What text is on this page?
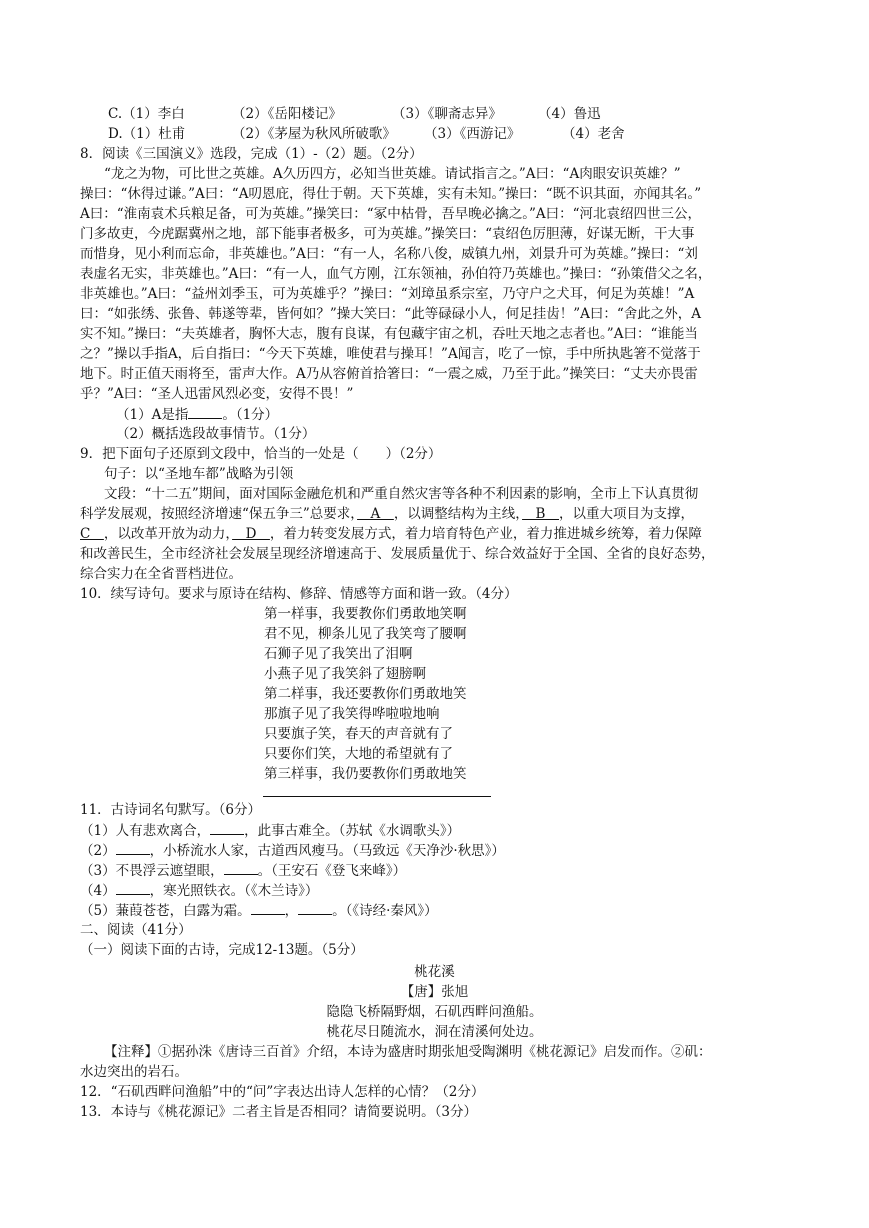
C.（1）李白	（2）《岳阳楼记》	（3）《聊斋志异》	（4）鲁迅
D.（1）杜甫	（2）《茅屋为秋风所破歌》 （3）《西游记》	（4）老舍
8．阅读《三国演义》选段，完成（1）-（2）题。（2分）
“龙之为物，可比世之英雄。A久历四方，必知当世英雄。请试指言之。”A曰：“A肉眼安识英雄？”
操曰：“休得过谦。”A曰：“A叨恩庇，得仕于朝。天下英雄，实有未知。”操曰：“既不识其面，亦闻其名。”
A曰：“淮南袁术兵粮足备，可为英雄。”操笑曰：“冢中枯骨，吾早晚必擒之。”A曰：“河北袁绍四世三公，
门多故吏，今虎踞冀州之地，部下能事者极多，可为英雄。”操笑曰：“袁绍色厉胆薄，好谋无断，干大事
而惜身，见小利而忘命，非英雄也。”A曰：“有一人，名称八俊，威镇九州，刘景升可为英雄。”操曰：“刘
表虚名无实，非英雄也。”A曰：“有一人，血气方刚，江东领袖，孙伯符乃英雄也。”操曰：“孙策借父之名，
非英雄也。”A曰：“益州刘季玉，可为英雄乎？”操曰：“刘璋虽系宗室，乃守户之犬耳，何足为英雄！”A
曰：“如张绣、张鲁、韩遂等辈，皆何如？”操大笑曰：“此等碌碌小人，何足挂齿！”A曰：“舍此之外，A
实不知。”操曰：“夫英雄者，胸怀大志，腹有良谋，有包藏宇宙之机，吞吐天地之志者也。”A曰：“谁能当
之？”操以手指A，后自指曰：“今天下英雄，唯使君与操耳！”A闻言，吃了一惊，手中所执匙箸不觉落于
地下。时正值天雨将至，雷声大作。A乃从容俯首拾箸曰：“一震之威，乃至于此。”操笑曰：“丈夫亦畏雷
乎？”A曰：“圣人迅雷风烈必变，安得不畏！”
（1）A是指	。（1分）
（2）概括选段故事情节。（1分）
9．把下面句子还原到文段中，恰当的一处是（　　）（2分）
句子：以“圣地车都”战略为引领
文段：“十二五”期间，面对国际金融危机和严重自然灾害等各种不利因素的影响，全市上下认真贯彻
科学发展观，按照经济增速“保五争三”总要求，　A　，以调整结构为主线，　B　，以重大项目为支撑，
C　，以改革开放为动力，　D　，着力转变发展方式，着力培育特色产业，着力推进城乡统筹，着力保障
和改善民生，全市经济社会发展呈现经济增速高于、发展质量优于、综合效益好于全国、全省的良好态势，
综合实力在全省晋档进位。
10．续写诗句。要求与原诗在结构、修辞、情感等方面和谐一致。（4分）
第一样事，我要教你们勇敢地笑啊
君不见，柳条儿见了我笑弯了腰啊
石狮子见了我笑出了泪啊
小燕子见了我笑斜了翅膀啊
第二样事，我还要教你们勇敢地笑
那旗子见了我笑得哗啦啦地响
只要旗子笑，春天的声音就有了
只要你们笑，大地的希望就有了
第三样事，我仍要教你们勇敢地笑
11．古诗词名句默写。（6分）
（1）人有悲欢离合，	，此事古难全。（苏轼《水调歌头》）
（2）	，小桥流水人家，古道西风瘦马。（马致远《天净沙·秋思》）
（3）不畏浮云遮望眼，	。（王安石《登飞来峰》）
（4）	，寒光照铁衣。（《木兰诗》）
（5）蒹葭苍苍，白露为霜。	，	。（《诗经·秦风》）
二、阅读（41分）
（一）阅读下面的古诗，完成12-13题。（5分）
桃花溪
【唐】张旭
隐隐飞桥隔野烟，石矶西畔问渔船。
桃花尽日随流水，洞在清溪何处边。
【注释】①据孙洙《唐诗三百首》介绍，本诗为盛唐时期张旭受陶渊明《桃花源记》启发而作。②矶：
水边突出的岩石。
12．“石矶西畔问渔船”中的“问”字表达出诗人怎样的心情？（2分）
13．本诗与《桃花源记》二者主旨是否相同？请简要说明。（3分）
